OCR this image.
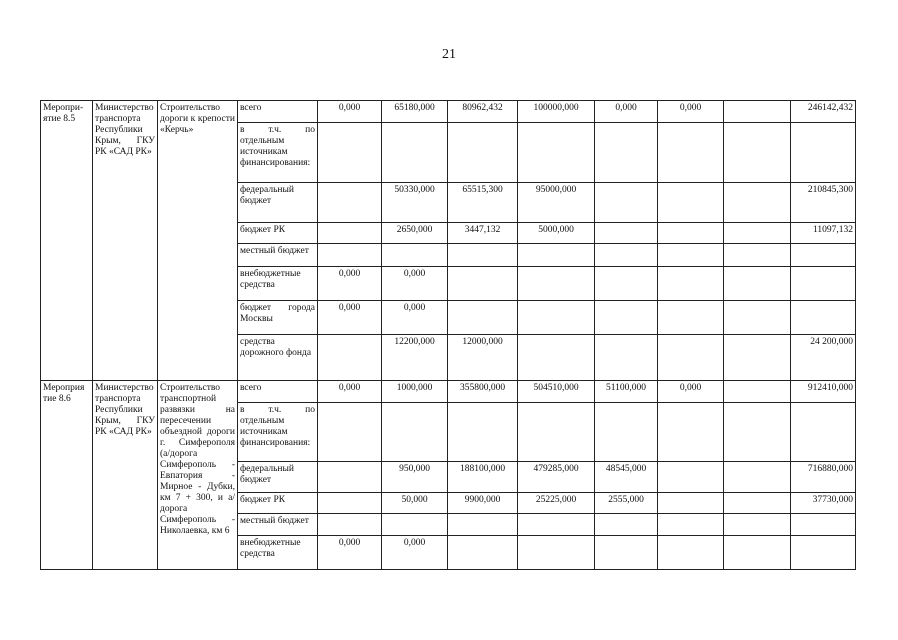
21
Меропри-
ятие 8.5	Министерство транспорта Республики Крым, ГКУ РК «САД РК»	Строительство дороги к крепости «Керчь»	всего	0,000	65180,000	80962,432	100000,000	0,000	0,000		246142,432
			в т.ч. по отдельным источникам финансирования:								
			федеральный бюджет		50330,000	65515,300	95000,000				210845,300
			бюджет РК		2650,000	3447,132	5000,000				11097,132
			местный бюджет								
			внебюджетные средства	0,000	0,000						
			бюджет города Москвы	0,000	0,000						
			средства дорожного фонда		12200,000	12000,000					24 200,000
Мероприя
тие 8.6	Министерство транспорта Республики Крым, ГКУ РК «САД РК»	Строительство транспортной развязки на пересечении объездной дороги г. Симферополя (а/дорога Симферополь - Евпатория - Мирное - Дубки, км 7 + 300, и а/дорога Симферополь - Николаевка, км 6	всего	0,000	1000,000	355800,000	504510,000	51100,000	0,000		912410,000
			в т.ч. по отдельным источникам финансирования:								
			федеральный бюджет		950,000	188100,000	479285,000	48545,000			716880,000
			бюджет РК		50,000	9900,000	25225,000	2555,000			37730,000
			местный бюджет								
			внебюджетные средства	0,000	0,000						
